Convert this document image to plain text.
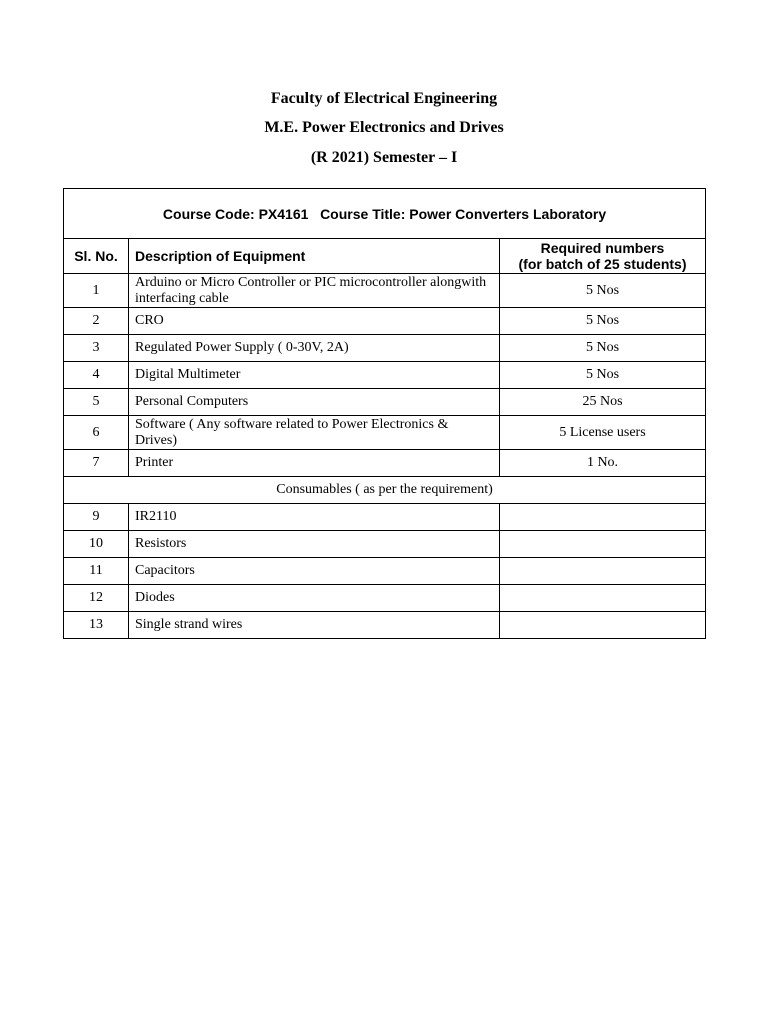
Faculty of Electrical Engineering
M.E. Power Electronics and Drives
(R 2021) Semester – I
Course Code: PX4161   Course Title: Power Converters Laboratory		
Sl. No.	Description of Equipment	Required numbers
(for batch of 25 students)

1	Arduino or Micro Controller or PIC microcontroller alongwith interfacing cable	5 Nos
2	CRO	5 Nos
3	Regulated Power Supply ( 0-30V, 2A)	5 Nos
4	Digital Multimeter	5 Nos
5	Personal Computers	25 Nos
6	Software ( Any software related to Power Electronics & Drives)	5 License users
7	Printer	1 No.
Consumables ( as per the requirement)		
9	IR2110	
10	Resistors	
11	Capacitors	
12	Diodes	
13	Single strand wires	
